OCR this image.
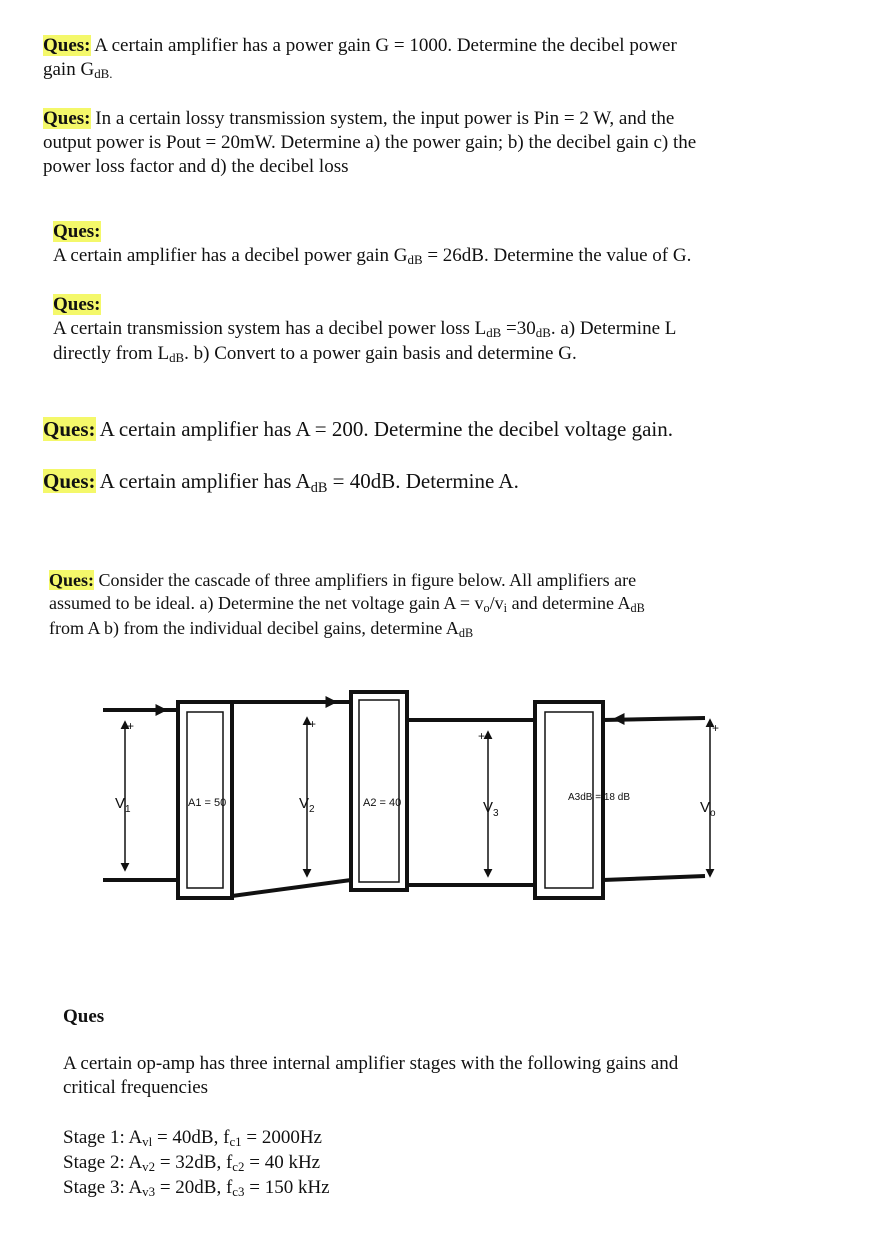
Ques: A certain amplifier has a power gain G = 1000. Determine the decibel power
gain GdB.
Ques: In a certain lossy transmission system, the input power is Pin = 2 W, and the
output power is Pout = 20mW. Determine a) the power gain; b) the decibel gain c) the
power loss factor and d) the decibel loss
Ques:
A certain amplifier has a decibel power gain GdB = 26dB. Determine the value of G.
Ques:
A certain transmission system has a decibel power loss LdB =30dB. a) Determine L
directly from LdB. b) Convert to a power gain basis and determine G.
Ques: A certain amplifier has A = 200. Determine the decibel voltage gain.
Ques: A certain amplifier has AdB = 40dB. Determine A.
Ques: Consider the cascade of three amplifiers in figure below. All amplifiers are
assumed to be ideal. a) Determine the net voltage gain A = vo/vi and determine AdB
from A b) from the individual decibel gains, determine AdB
+	+
+
+
A1 = 50	A2 = 40	A3dB = 18 dB
$V_1$	$V_2$	$V_3$	$V_o$
Ques
A certain op-amp has three internal amplifier stages with the following gains and
critical frequencies
Stage 1: Avl = 40dB, fc1 = 2000Hz
Stage 2: Av2 = 32dB, fc2 = 40 kHz
Stage 3: Av3 = 20dB, fc3 = 150 kHz
